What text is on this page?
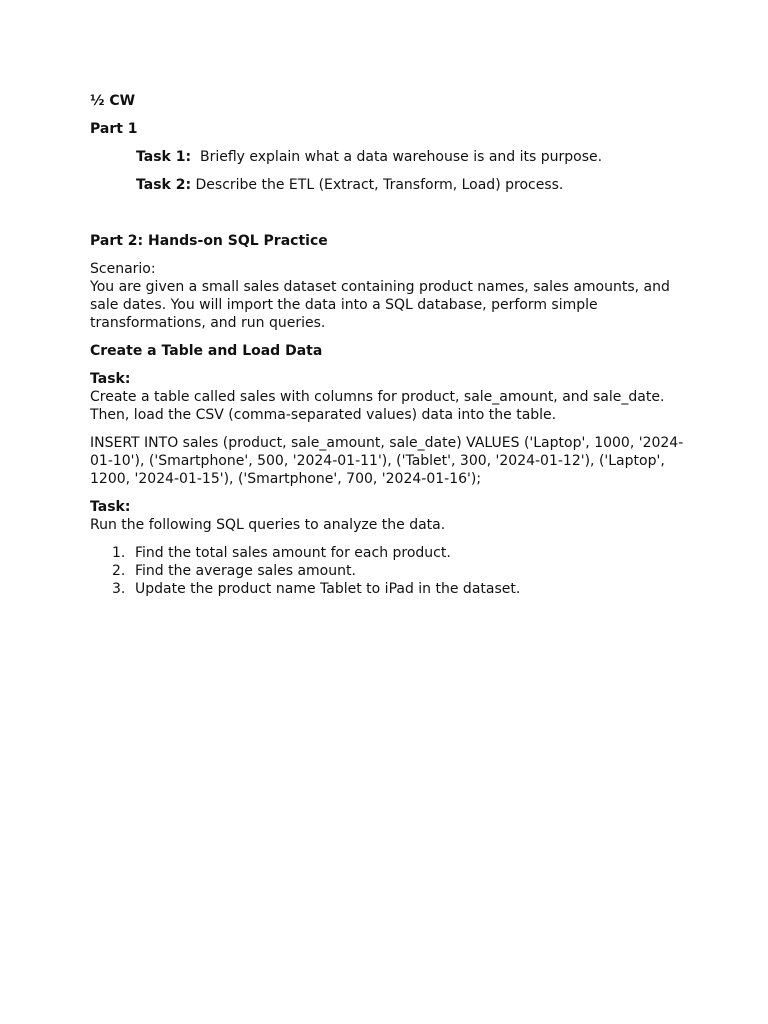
½ CW

Part 1

Task 1: Briefly explain what a data warehouse is and its purpose.

Task 2: Describe the ETL (Extract, Transform, Load) process.

Part 2: Hands-on SQL Practice

Scenario:

You are given a small sales dataset containing product names, sales amounts, and sale dates. You will import the data into a SQL database, perform simple transformations, and run queries.

Create a Table and Load Data

Task:

Create a table called sales with columns for product, sale_amount, and sale_date. Then, load the CSV (comma-separated values) data into the table.

INSERT INTO sales (product, sale_amount, sale_date) VALUES ('Laptop', 1000, '2024-01-10'), ('Smartphone', 500, '2024-01-11'), ('Tablet', 300, '2024-01-12'), ('Laptop', 1200, '2024-01-15'), ('Smartphone', 700, '2024-01-16');

Task:

Run the following SQL queries to analyze the data.

1. Find the total sales amount for each product.
2. Find the average sales amount.
3. Update the product name Tablet to iPad in the dataset.
